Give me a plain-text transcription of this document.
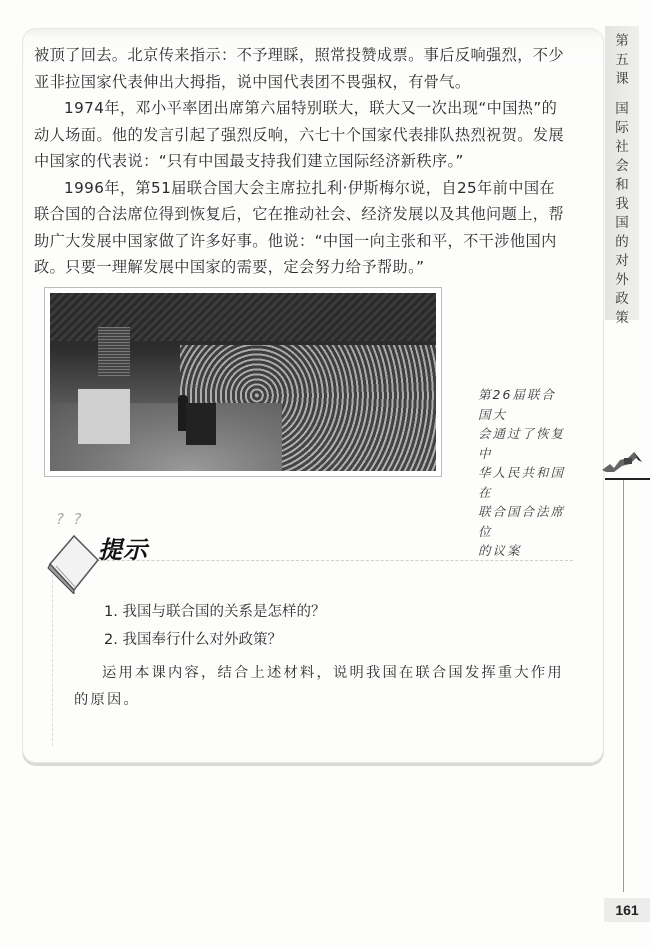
第
五
课
国
际
社
会
和
我
国
的
对
外
政
策

被顶了回去。北京传来指示：不予理睬，照常投赞成票。事后反响强烈，不少

亚非拉国家代表伸出大拇指，说中国代表团不畏强权，有骨气。

1974年，邓小平率团出席第六届特别联大，联大又一次出现“中国热”的

动人场面。他的发言引起了强烈反响，六七十个国家代表排队热烈祝贺。发展

中国家的代表说：“只有中国最支持我们建立国际经济新秩序。”

1996年，第51届联合国大会主席拉扎利·伊斯梅尔说，自25年前中国在

联合国的合法席位得到恢复后，它在推动社会、经济发展以及其他问题上，帮

助广大发展中国家做了许多好事。他说：“中国一向主张和平，不干涉他国内

政。只要一理解发展中国家的需要，定会努力给予帮助。”

第26届联合国大
会通过了恢复中
华人民共和国在
联合国合法席位
的议案
?  ?
提示
1. 我国与联合国的关系是怎样的？
2. 我国奉行什么对外政策？

运用本课内容，结合上述材料，说明我国在联合国发挥重大作用

的原因。
161
